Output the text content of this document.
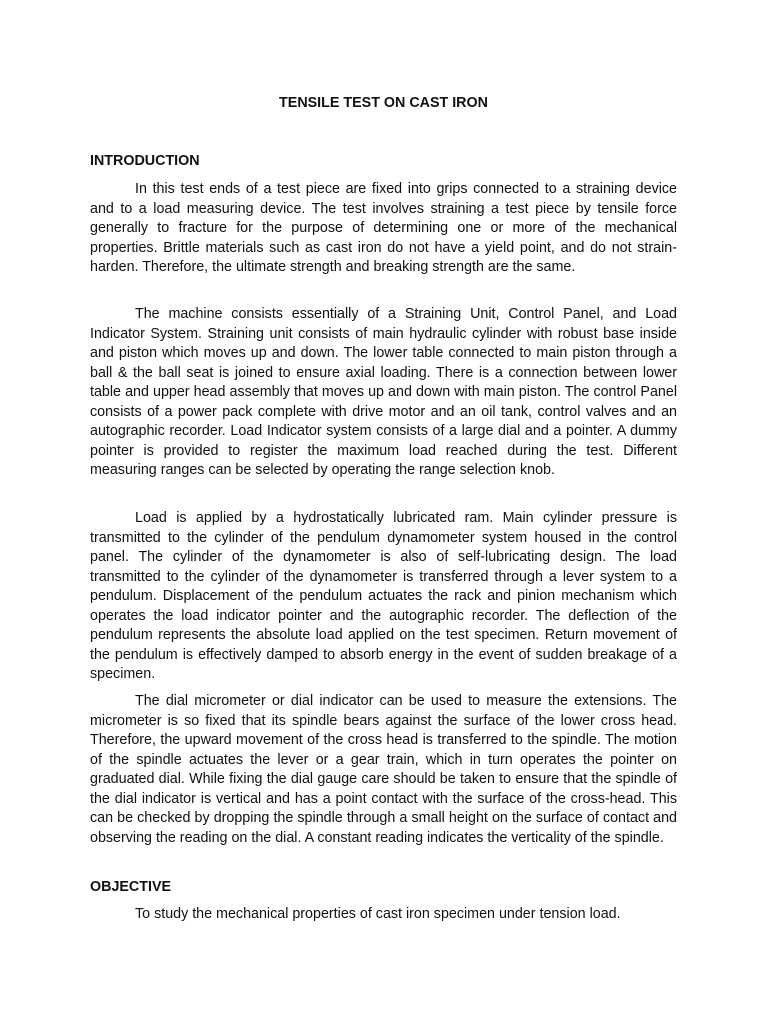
TENSILE TEST ON CAST IRON
INTRODUCTION

In this test ends of a test piece are fixed into grips connected to a straining device and to a load measuring device. The test involves straining a test piece by tensile force generally to fracture for the purpose of determining one or more of the mechanical properties. Brittle materials such as cast iron do not have a yield point, and do not strain-harden. Therefore, the ultimate strength and breaking strength are the same.

The machine consists essentially of a Straining Unit, Control Panel, and Load Indicator System. Straining unit consists of main hydraulic cylinder with robust base inside and piston which moves up and down. The lower table connected to main piston through a ball & the ball seat is joined to ensure axial loading. There is a connection between lower table and upper head assembly that moves up and down with main piston. The control Panel consists of a power pack complete with drive motor and an oil tank, control valves and an autographic recorder. Load Indicator system consists of a large dial and a pointer. A dummy pointer is provided to register the maximum load reached during the test. Different measuring ranges can be selected by operating the range selection knob.

Load is applied by a hydrostatically lubricated ram. Main cylinder pressure is transmitted to the cylinder of the pendulum dynamometer system housed in the control panel. The cylinder of the dynamometer is also of self-lubricating design. The load transmitted to the cylinder of the dynamometer is transferred through a lever system to a pendulum. Displacement of the pendulum actuates the rack and pinion mechanism which operates the load indicator pointer and the autographic recorder. The deflection of the pendulum represents the absolute load applied on the test specimen. Return movement of the pendulum is effectively damped to absorb energy in the event of sudden breakage of a specimen.

The dial micrometer or dial indicator can be used to measure the extensions. The micrometer is so fixed that its spindle bears against the surface of the lower cross head. Therefore, the upward movement of the cross head is transferred to the spindle. The motion of the spindle actuates the lever or a gear train, which in turn operates the pointer on graduated dial. While fixing the dial gauge care should be taken to ensure that the spindle of the dial indicator is vertical and has a point contact with the surface of the cross-head. This can be checked by dropping the spindle through a small height on the surface of contact and observing the reading on the dial. A constant reading indicates the verticality of the spindle.

OBJECTIVE

To study the mechanical properties of cast iron specimen under tension load.
